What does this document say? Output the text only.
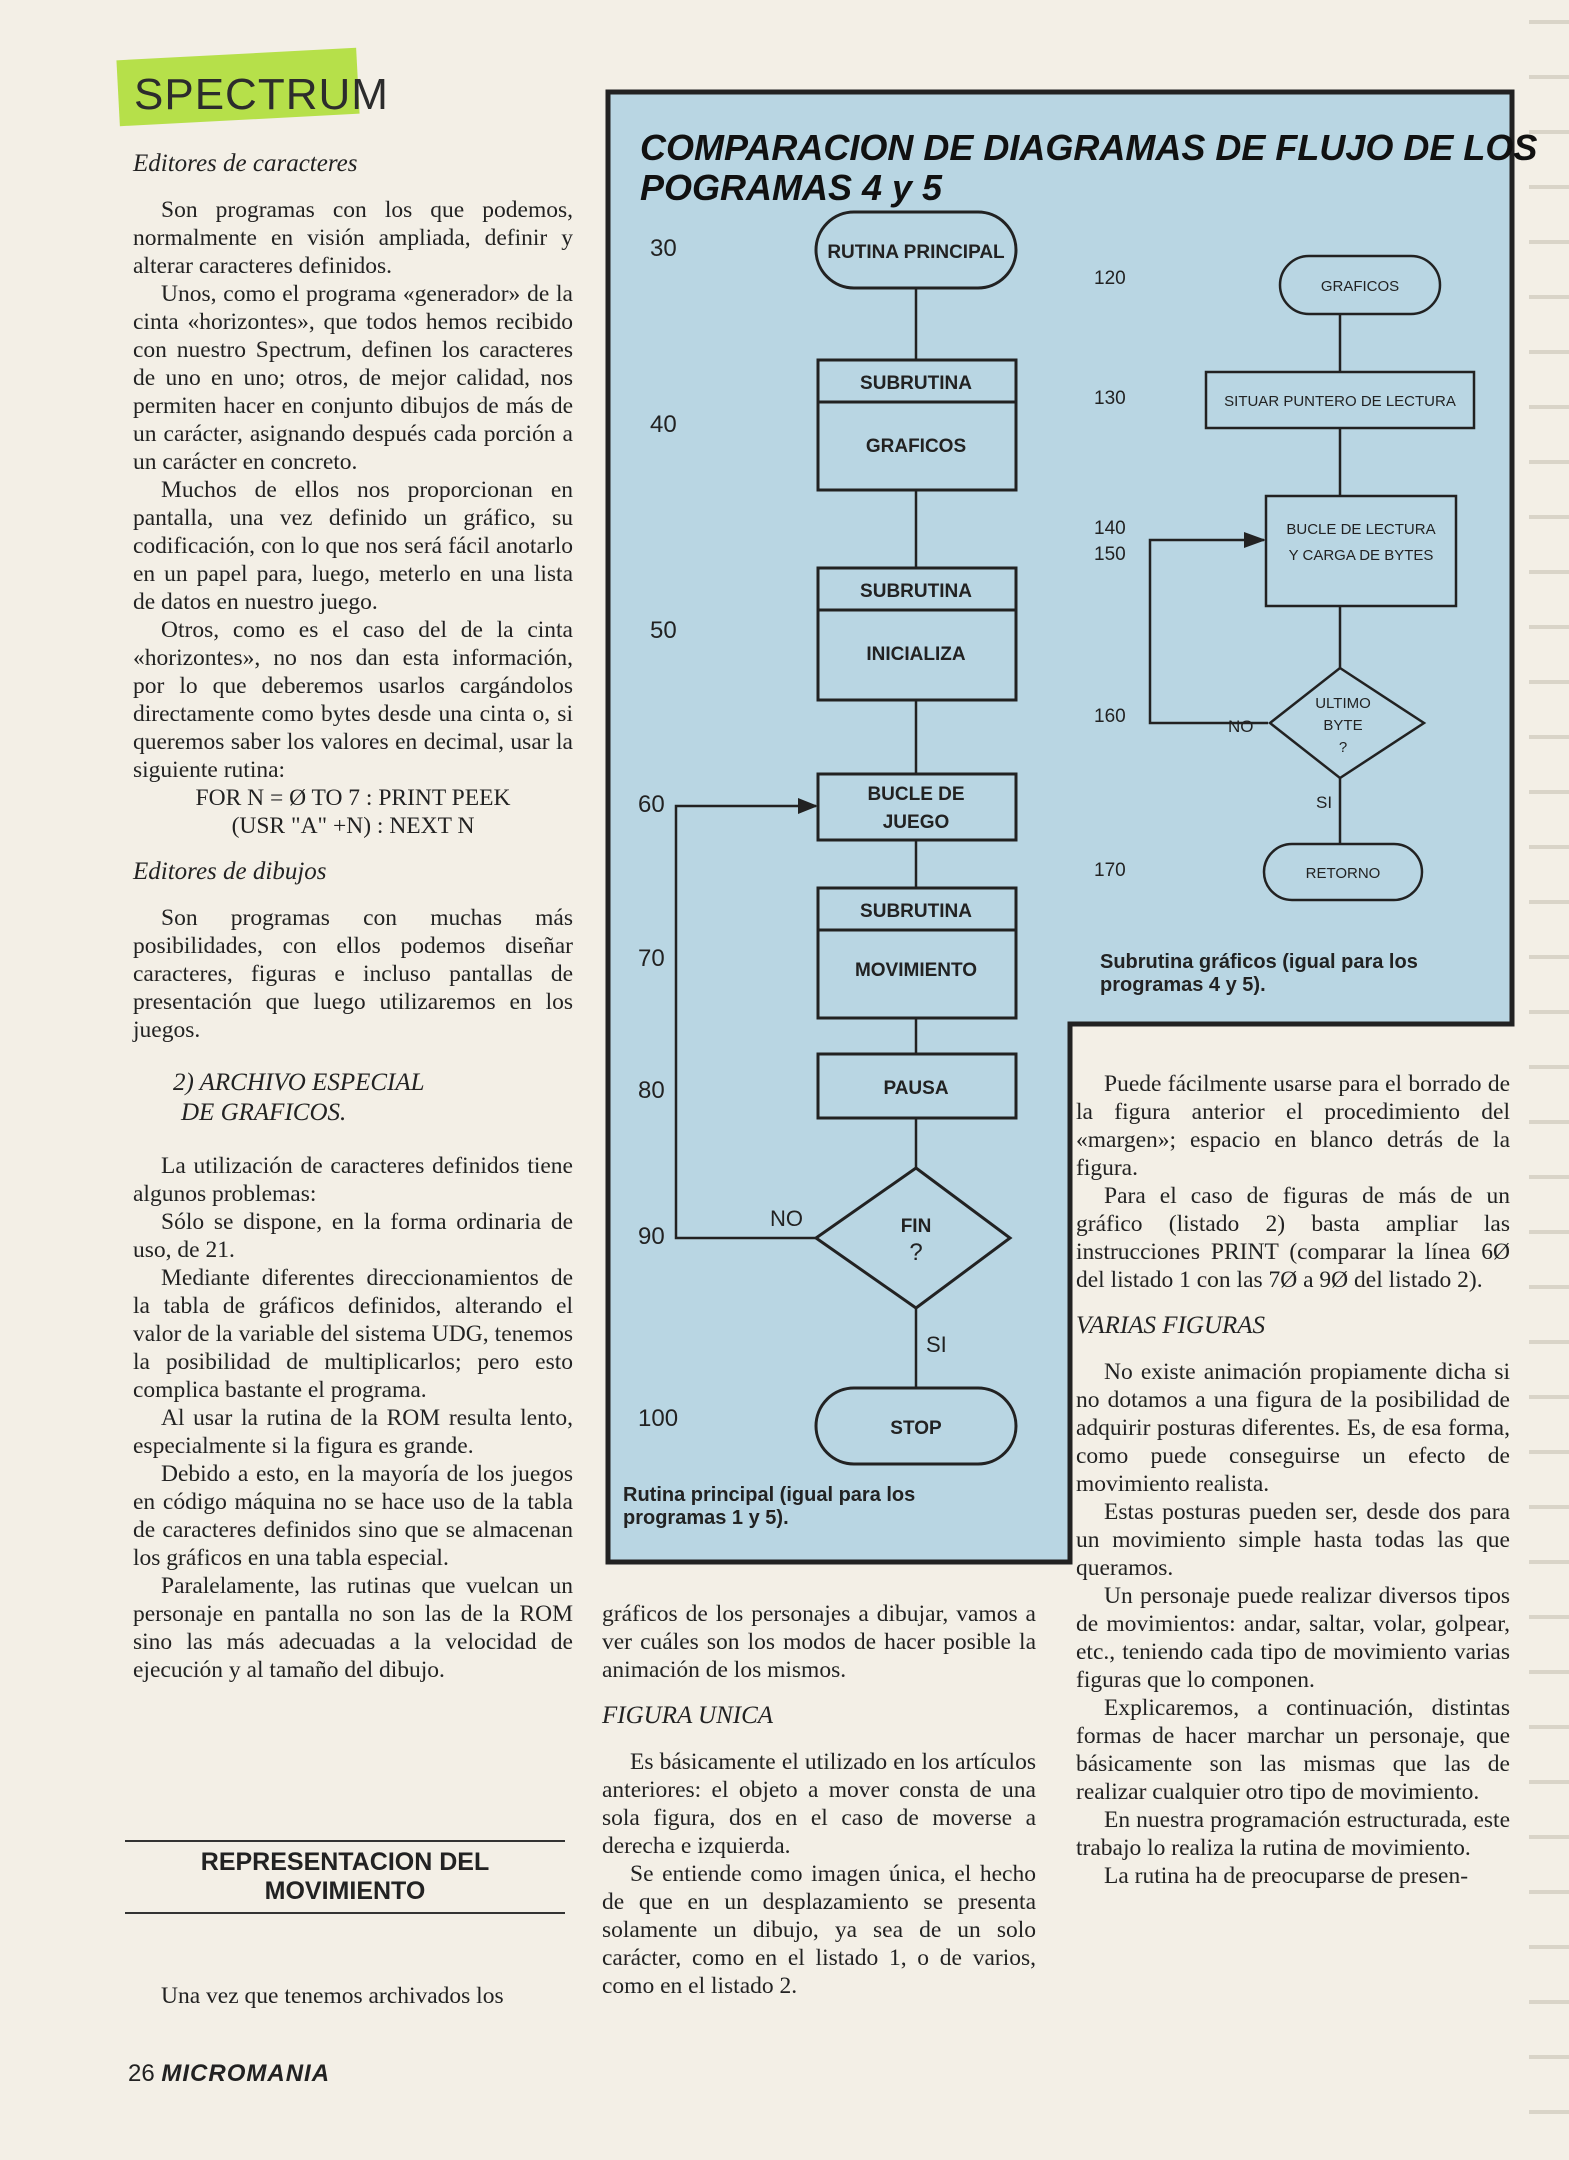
SPECTRUM

Editores de caracteres

Son programas con los que podemos, normalmente en visión ampliada, definir y alterar caracteres definidos.

Unos, como el programa «generador» de la cinta «horizontes», que todos hemos recibido con nuestro Spectrum, definen los caracteres de uno en uno; otros, de mejor calidad, nos permiten hacer en conjunto dibujos de más de un carácter, asignando después cada porción a un carácter en concreto.

Muchos de ellos nos proporcionan en pantalla, una vez definido un gráfico, su codificación, con lo que nos será fácil anotarlo en un papel para, luego, meterlo en una lista de datos en nuestro juego.

Otros, como es el caso del de la cinta «horizontes», no nos dan esta información, por lo que deberemos usarlos cargándolos directamente como bytes desde una cinta o, si queremos saber los valores en decimal, usar la siguiente rutina:

FOR N = Ø TO 7 : PRINT PEEK

(USR "A" +N) : NEXT N

Editores de dibujos

Son programas con muchas más posibilidades, con ellos podemos diseñar caracteres, figuras e incluso pantallas de presentación que luego utilizaremos en los juegos.

2) ARCHIVO ESPECIAL

DE GRAFICOS.

La utilización de caracteres definidos tiene algunos problemas:

Sólo se dispone, en la forma ordinaria de uso, de 21.

Mediante diferentes direccionamientos de la tabla de gráficos definidos, alterando el valor de la variable del sistema UDG, tenemos la posibilidad de multiplicarlos; pero esto complica bastante el programa.

Al usar la rutina de la ROM resulta lento, especialmente si la figura es grande.

Debido a esto, en la mayoría de los juegos en código máquina no se hace uso de la tabla de caracteres definidos sino que se almacenan los gráficos en una tabla especial.

Paralelamente, las rutinas que vuelcan un personaje en pantalla no son las de la ROM sino las más adecuadas a la velocidad de ejecución y al tamaño del dibujo.

REPRESENTACION DEL
MOVIMIENTO

Una vez que tenemos archivados los

26 MICROMANIA
30
40
50
60
70
80
90
100
RUTINA PRINCIPAL
SUBRUTINA
GRAFICOS
SUBRUTINA
INICIALIZA
BUCLE DE
JUEGO
SUBRUTINA
MOVIMIENTO
PAUSA
FIN
?
STOP
NO
SI
120
130
140
150
160
170
GRAFICOS
SITUAR PUNTERO DE LECTURA
BUCLE DE LECTURA
Y CARGA DE BYTES
ULTIMO
BYTE
?
RETORNO
NO
SI
COMPARACION DE DIAGRAMAS DE FLUJO DE LOS POGRAMAS 4 y 5
Rutina principal (igual para los programas 1 y 5).
Subrutina gráficos (igual para los programas 4 y 5).

gráficos de los personajes a dibujar, vamos a ver cuáles son los modos de hacer posible la animación de los mismos.

FIGURA UNICA

Es básicamente el utilizado en los artículos anteriores: el objeto a mover consta de una sola figura, dos en el caso de moverse a derecha e izquierda.

Se entiende como imagen única, el hecho de que en un desplazamiento se presenta solamente un dibujo, ya sea de un solo carácter, como en el listado 1, o de varios, como en el listado 2.

Puede fácilmente usarse para el borrado de la figura anterior el procedimiento del «margen»; espacio en blanco detrás de la figura.

Para el caso de figuras de más de un gráfico (listado 2) basta ampliar las instrucciones PRINT (comparar la línea 6Ø del listado 1 con las 7Ø a 9Ø del listado 2).

VARIAS FIGURAS

No existe animación propiamente dicha si no dotamos a una figura de la posibilidad de adquirir posturas diferentes. Es, de esa forma, como puede conseguirse un efecto de movimiento realista.

Estas posturas pueden ser, desde dos para un movimiento simple hasta todas las que queramos.

Un personaje puede realizar diversos tipos de movimientos: andar, saltar, volar, golpear, etc., teniendo cada tipo de movimiento varias figuras que lo componen.

Explicaremos, a continuación, distintas formas de hacer marchar un personaje, que básicamente son las mismas que las de realizar cualquier otro tipo de movimiento.

En nuestra programación estructurada, este trabajo lo realiza la rutina de movimiento.

La rutina ha de preocuparse de presen-
